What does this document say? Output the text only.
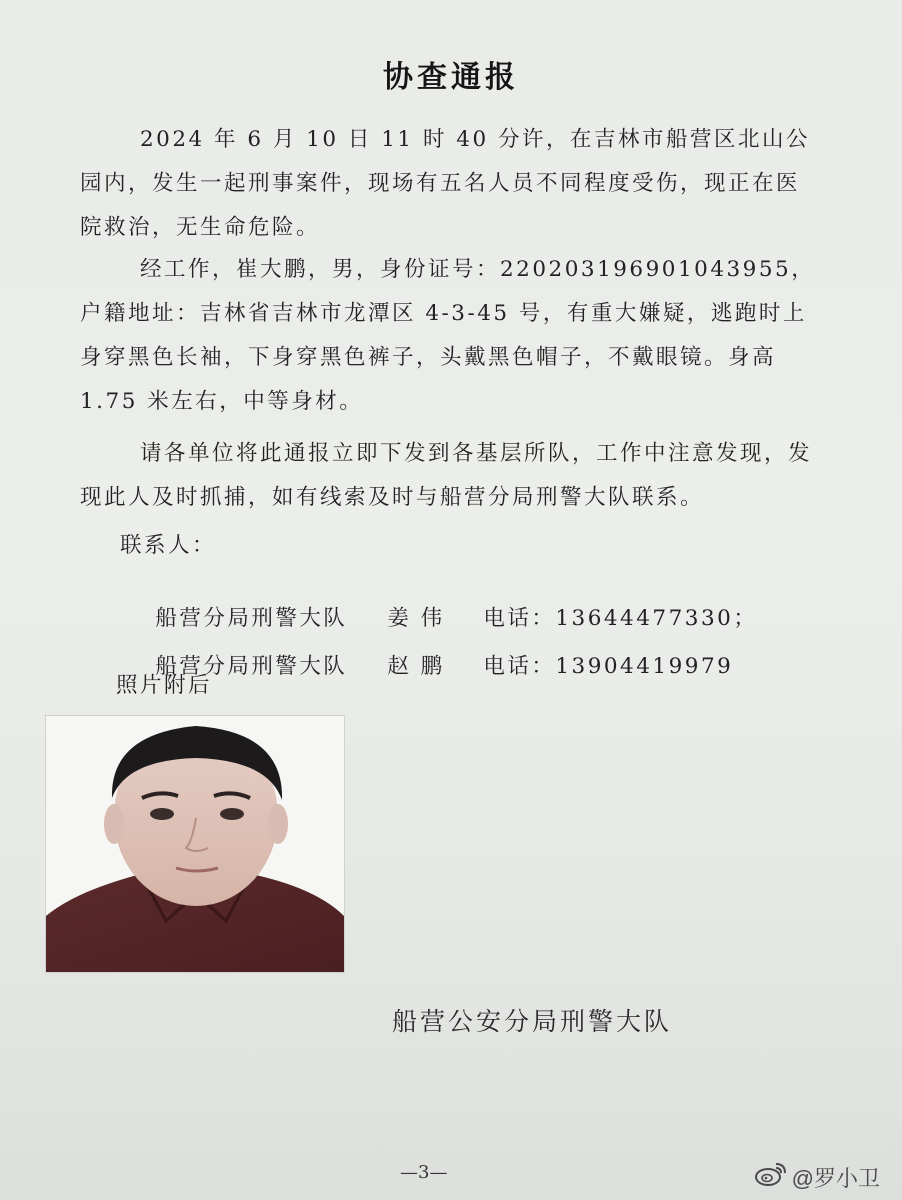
协查通报

2024 年 6 月 10 日 11 时 40 分许，在吉林市船营区北山公园内，发生一起刑事案件，现场有五名人员不同程度受伤，现正在医院救治，无生命危险。

经工作，崔大鹏，男，身份证号：220203196901043955，户籍地址：吉林省吉林市龙潭区 4-3-45 号，有重大嫌疑，逃跑时上身穿黑色长袖，下身穿黑色裤子，头戴黑色帽子，不戴眼镜。身高 1.75 米左右，中等身材。

请各单位将此通报立即下发到各基层所队，工作中注意发现，发现此人及时抓捕，如有线索及时与船营分局刑警大队联系。

联系人：

船营分局刑警大队 姜 伟 电话：13644477330；

船营分局刑警大队 赵 鹏 电话：13904419979

照片附后
船营公安分局刑警大队
—3—	@罗小卫
